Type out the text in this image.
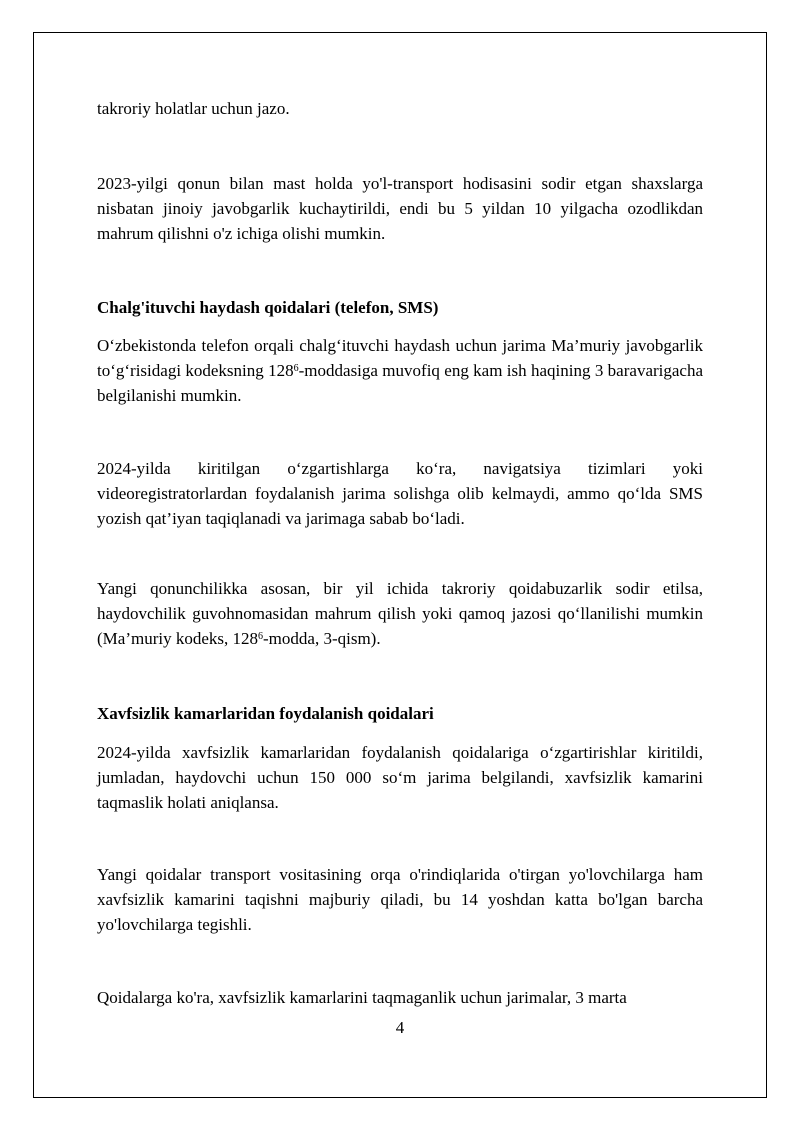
takroriy holatlar uchun jazo.

2023-yilgi qonun bilan mast holda yo'l-transport hodisasini sodir etgan shaxslarga nisbatan jinoiy javobgarlik kuchaytirildi, endi bu 5 yildan 10 yilgacha ozodlikdan mahrum qilishni o'z ichiga olishi mumkin.

Chalg'ituvchi haydash qoidalari (telefon, SMS)

O‘zbekistonda telefon orqali chalg‘ituvchi haydash uchun jarima Ma’muriy javobgarlik to‘g‘risidagi kodeksning $128^6$-moddasiga muvofiq eng kam ish haqining 3 baravarigacha belgilanishi mumkin.

2024-yilda kiritilgan o‘zgartishlarga ko‘ra, navigatsiya tizimlari yoki videoregistratorlardan foydalanish jarima solishga olib kelmaydi, ammo qo‘lda SMS yozish qat’iyan taqiqlanadi va jarimaga sabab bo‘ladi.

Yangi qonunchilikka asosan, bir yil ichida takroriy qoidabuzarlik sodir etilsa, haydovchilik guvohnomasidan mahrum qilish yoki qamoq jazosi qo‘llanilishi mumkin (Ma’muriy kodeks, $128^6$-modda, 3-qism).

Xavfsizlik kamarlaridan foydalanish qoidalari

2024-yilda xavfsizlik kamarlaridan foydalanish qoidalariga o‘zgartirishlar kiritildi, jumladan, haydovchi uchun 150 000 so‘m jarima belgilandi, xavfsizlik kamarini taqmaslik holati aniqlansa.

Yangi qoidalar transport vositasining orqa o'rindiqlarida o'tirgan yo'lovchilarga ham xavfsizlik kamarini taqishni majburiy qiladi, bu 14 yoshdan katta bo'lgan barcha yo'lovchilarga tegishli.

Qoidalarga ko'ra, xavfsizlik kamarlarini taqmaganlik uchun jarimalar, 3 marta

4
